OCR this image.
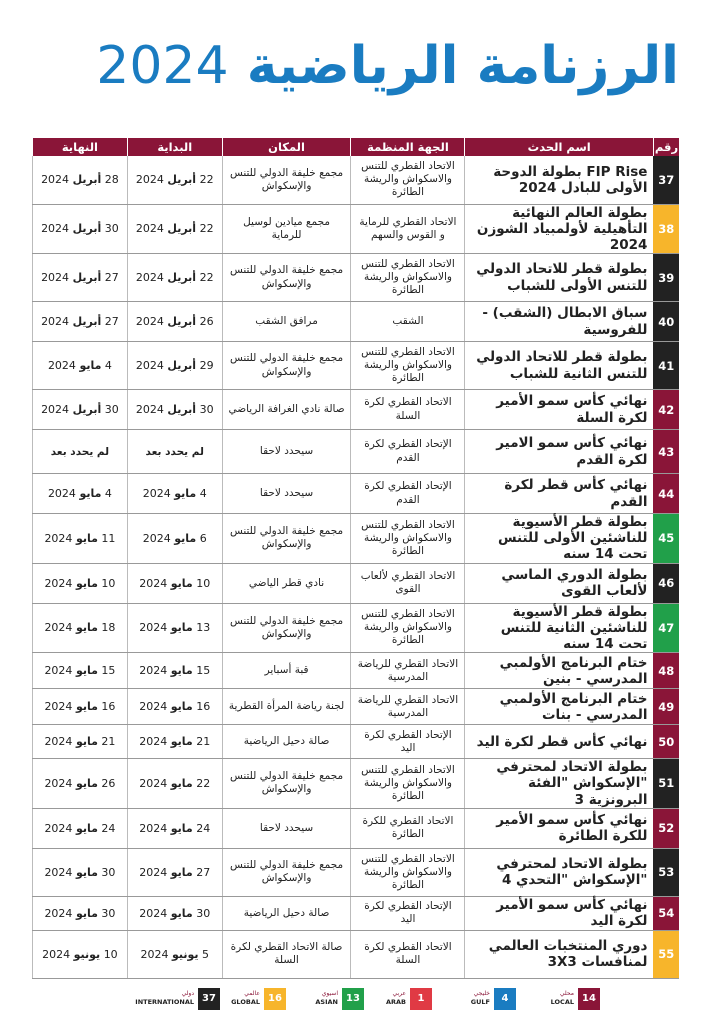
الرزنامة الرياضية 2024
رقم	اسم الحدث	الجهة المنظمة	المكان	البداية	النهاية
37	FIP Rise بطولة الدوحة الأولى للبادل 2024	الاتحاد القطري للتنس والاسكواش والريشة الطائرة	مجمع خليفة الدولي للتنس والإسكواش	22 أبريل 2024	28 أبريل 2024
38	بطولة العالم النهائية التأهيلية لأولمبياد الشوزن 2024	الاتحاد القطري للرماية و القوس والسهم	مجمع ميادين لوسيل للرماية	22 أبريل 2024	30 أبريل 2024
39	بطولة قطر للاتحاد الدولي للتنس الأولى للشباب	الاتحاد القطري للتنس والاسكواش والريشة الطائرة	مجمع خليفة الدولي للتنس والإسكواش	22 أبريل 2024	27 أبريل 2024
40	سباق الابطال (الشقب) - للفروسية	الشقب	مرافق الشقب	26 أبريل 2024	27 أبريل 2024
41	بطولة قطر للاتحاد الدولي للتنس الثانية للشباب	الاتحاد القطري للتنس والاسكواش والريشة الطائرة	مجمع خليفة الدولي للتنس والإسكواش	29 أبريل 2024	4 مايو 2024
42	نهائي كأس سمو الأمير لكرة السلة	الاتحاد القطري لكرة السلة	صالة نادي الغرافة الرياضي	30 أبريل 2024	30 أبريل 2024
43	نهائي كأس سمو الامير لكرة القدم	الإتحاد القطري لكرة القدم	سيحدد لاحقا	لم يحدد بعد	لم يحدد بعد
44	نهائي كأس قطر لكرة القدم	الإتحاد القطري لكرة القدم	سيحدد لاحقا	4 مايو 2024	4 مايو 2024
45	بطولة قطر الأسيوية للناشئين الأولى للتنس تحت 14 سنه	الاتحاد القطري للتنس والاسكواش والريشة الطائرة	مجمع خليفة الدولي للتنس والإسكواش	6 مايو 2024	11 مايو 2024
46	بطولة الدوري الماسي لألعاب القوى	الاتحاد القطري لألعاب القوى	نادي قطر الياضي	10 مايو 2024	10 مايو 2024
47	بطولة قطر الأسيوية للناشئين الثانية للتنس تحت 14 سنه	الاتحاد القطري للتنس والاسكواش والريشة الطائرة	مجمع خليفة الدولي للتنس والإسكواش	13 مايو 2024	18 مايو 2024
48	ختام البرنامج الأولمبي المدرسي - بنين	الاتحاد القطري للرياضة المدرسية	قبة أسباير	15 مايو 2024	15 مايو 2024
49	ختام البرنامج الأولمبي المدرسي - بنات	الاتحاد القطري للرياضة المدرسية	لجنة رياضة المرأة القطرية	16 مايو 2024	16 مايو 2024
50	نهائي كأس قطر لكرة اليد	الإتحاد القطري لكرة اليد	صالة دحيل الرياضية	21 مايو 2024	21 مايو 2024
51	بطولة الاتحاد لمحترفي "الإسكواش "الفئة البرونزية 3	الاتحاد القطري للتنس والاسكواش والريشة الطائرة	مجمع خليفة الدولي للتنس والإسكواش	22 مايو 2024	26 مايو 2024
52	نهائي كأس سمو الأمير للكرة الطائرة	الاتحاد القطري للكرة الطائرة	سيحدد لاحقا	24 مايو 2024	24 مايو 2024
53	بطولة الاتحاد لمحترفي "الإسكواش "التحدي 4	الاتحاد القطري للتنس والاسكواش والريشة الطائرة	مجمع خليفة الدولي للتنس والإسكواش	27 مايو 2024	30 مايو 2024
54	نهائي كأس سمو الأمير لكرة اليد	الإتحاد القطري لكرة اليد	صالة دحيل الرياضية	30 مايو 2024	30 مايو 2024
55	دوري المنتخبات العالمي لمنافسات 3X3	الاتحاد القطري لكرة السلة	صالة الاتحاد القطري لكرة السلة	5 يونيو 2024	10 يونيو 2024
محلي
LOCAL 14
خليجي
GULF	4
عربي
ARAB	1
اسيوي
ASIAN 13
عالمي
GLOBAL 16
دولي
INTERNATIONAL 37
